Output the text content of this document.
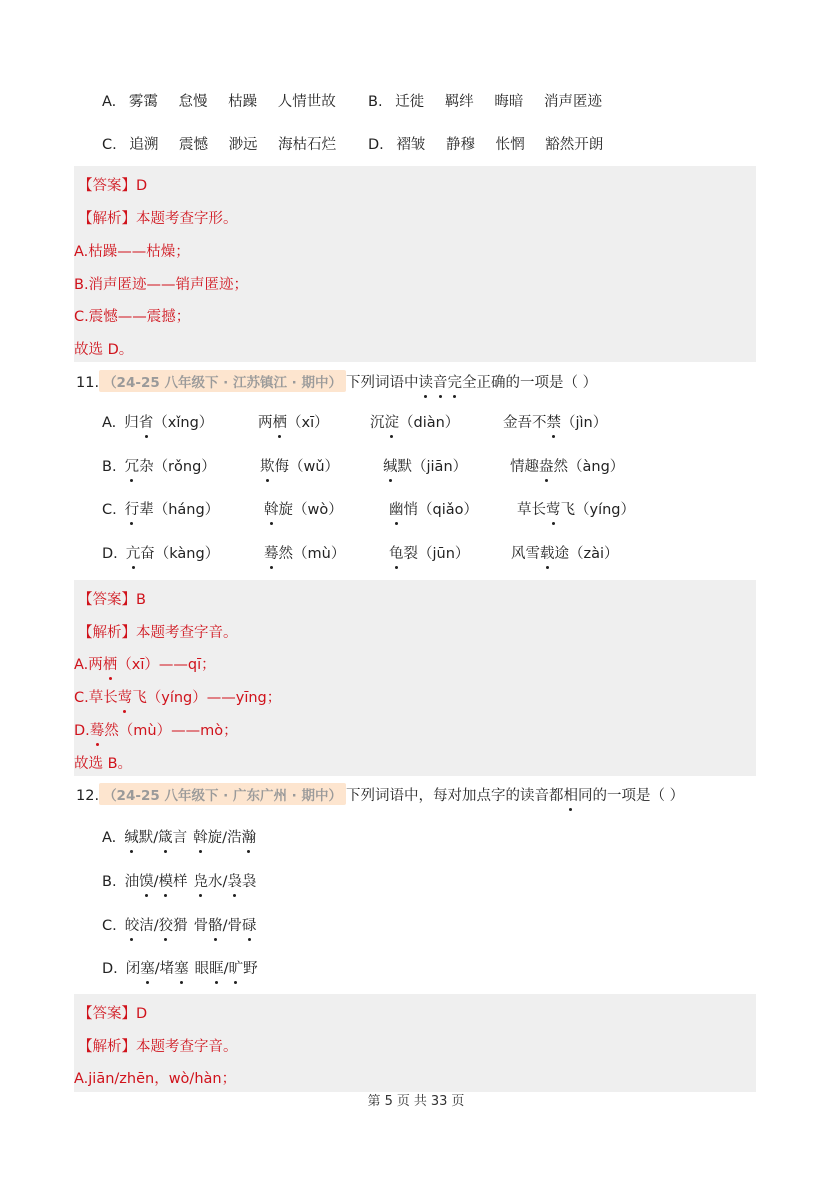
A. 雾霭 怠慢 枯躁 人情世故 B. 迁徙 羁绊 晦暗 消声匿迹
C. 追溯 震憾 渺远 海枯石烂 D. 褶皱 静穆 怅惘 豁然开朗
【答案】D
【解析】本题考查字形。
A.枯躁——枯燥；
B.消声匿迹——销声匿迹；
C.震憾——震撼；
故选 D。
11. （24-25 八年级下 · 江苏镇江 · 期中） 下列词语中读音完全正确的一项是（ ）
A. 归省（xǐng）	两栖（xī）	沉淀（diàn）	金吾不禁（jìn）
B. 冗杂（rǒng）	欺侮（wǔ）	缄默（jiān）	情趣盎然（àng）
C. 行辈（háng）	斡旋（wò）	幽悄（qiǎo）	草长莺飞（yíng）
D. 亢奋（kàng）	蓦然（mù）	龟裂（jūn）	风雪载途（zài）
【答案】B
【解析】本题考查字音。
A.两栖（xī）——qī；
C.草长莺飞（yíng）——yīng；
D.蓦然（mù）——mò；
故选 B。
12. （24-25 八年级下 · 广东广州 · 期中） 下列词语中，每对加点字的读音都相同的一项是（ ）
A. 缄默/箴言 斡旋/浩瀚
B. 油馍/模样 凫水/袅袅
C. 皎洁/狡猾 骨骼/骨碌
D. 闭塞/堵塞 眼眶/旷野
【答案】D
【解析】本题考查字音。
A.jiān/zhēn，wò/hàn；
第 5 页 共 33 页
